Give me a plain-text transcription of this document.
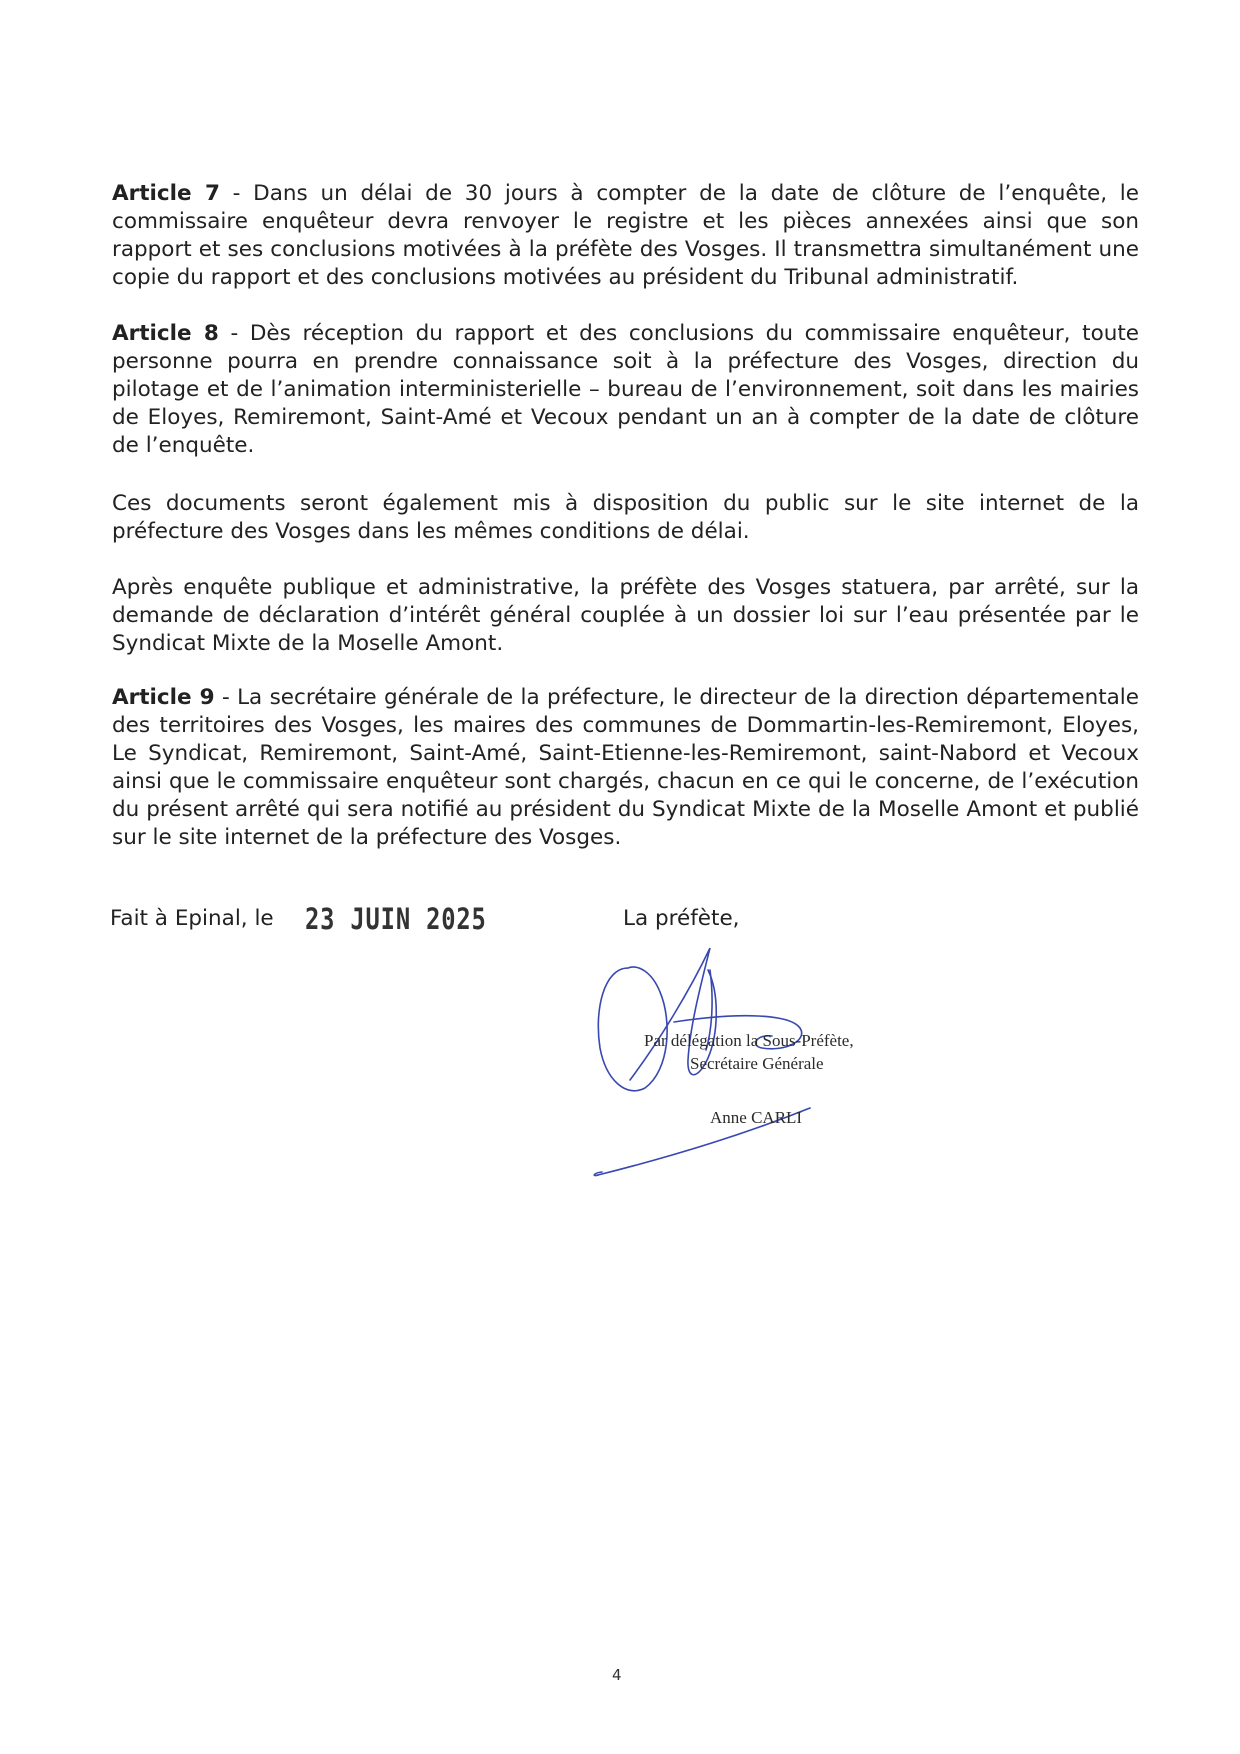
Article 7 - Dans un délai de 30 jours à compter de la date de clôture de l’enquête, le commissaire enquêteur devra renvoyer le registre et les pièces annexées ainsi que son rapport et ses conclusions motivées à la préfète des Vosges. Il transmettra simultanément une copie du rapport et des conclusions motivées au président du Tribunal administratif.

Article 8 - Dès réception du rapport et des conclusions du commissaire enquêteur, toute personne pourra en prendre connaissance soit à la préfecture des Vosges, direction du pilotage et de l’animation interministerielle – bureau de l’environnement, soit dans les mairies de Eloyes, Remiremont, Saint-Amé et Vecoux pendant un an à compter de la date de clôture de l’enquête.

Ces documents seront également mis à disposition du public sur le site internet de la préfecture des Vosges dans les mêmes conditions de délai.

Après enquête publique et administrative, la préfète des Vosges statuera, par arrêté, sur la demande de déclaration d’intérêt général couplée à un dossier loi sur l’eau présentée par le Syndicat Mixte de la Moselle Amont.

Article 9 - La secrétaire générale de la préfecture, le directeur de la direction départementale des territoires des Vosges, les maires des communes de Dommartin-les-Remiremont, Eloyes, Le Syndicat, Remiremont, Saint-Amé, Saint-Etienne-les-Remiremont, saint-Nabord et Vecoux ainsi que le commissaire enquêteur sont chargés, chacun en ce qui le concerne, de l’exécution du présent arrêté qui sera notifié au président du Syndicat Mixte de la Moselle Amont et publié sur le site internet de la préfecture des Vosges.

Fait à Epinal, le 23 JUIN 2025	La préfète,
Par délégation la Sous-Préfète,
Secrétaire Générale
Anne CARLI
4
